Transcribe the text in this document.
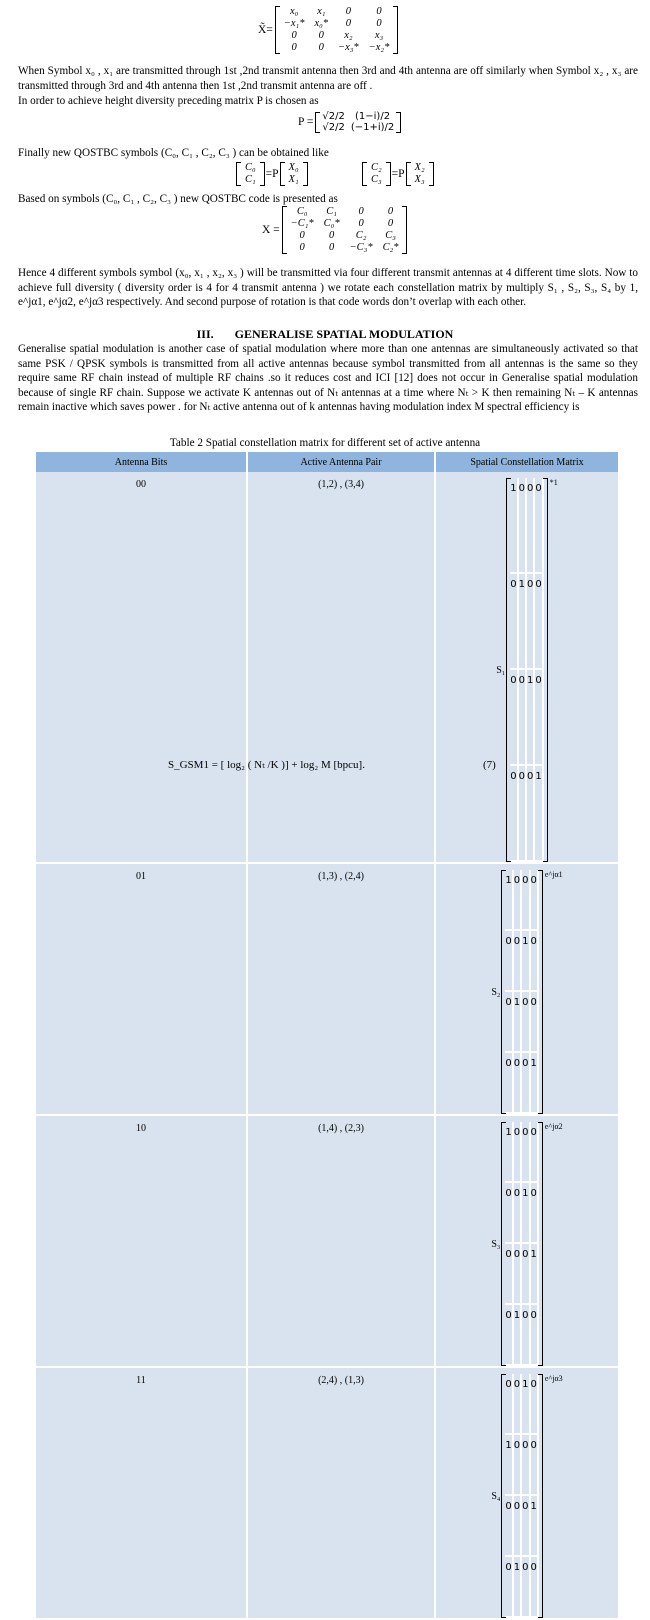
X̃=
x₀	x₁	0	0
−x₁*	x₀*	0	0
0	0	x₂	x₃
0	0	−x₃*	−x₂*
When Symbol x₀ , x₁ are transmitted through 1st ,2nd transmit antenna then 3rd and 4th antenna are off similarly when Symbol x₂ , x₃ are transmitted through 3rd and 4th antenna then 1st ,2nd transmit antenna are off .
In order to achieve height diversity preceding matrix P is chosen as
P = √2/2	(1−i)/2
√2/2	(−1+i)/2
Finally new QOSTBC symbols (C₀, C₁ , C₂, C₃ ) can be obtained like
C₀
C₁ =P
X₀
X₁
C₂
C₃ =P
X₂
X₃
Based on symbols (C₀, C₁ , C₂, C₃ ) new QOSTBC code is presented as
X =
C₀	C₁	0	0
−C₁*	C₀*	0	0
0	0	C₂	C₃
0	0	−C₃*	C₂*
Hence 4 different symbols symbol (x₀, x₁ , x₂, x₃ ) will be transmitted via four different transmit antennas at 4 different time slots. Now to achieve full diversity ( diversity order is 4 for 4 transmit antenna ) we rotate each constellation matrix by multiply S₁ , S₂, S₃, S₄ by 1, e^jα1, e^jα2, e^jα3 respectively. And second purpose of rotation is that code words don’t overlap with each other.
III. GENERALISE SPATIAL MODULATION
Generalise spatial modulation is another case of spatial modulation where more than one antennas are simultaneously activated so that same PSK / QPSK symbols is transmitted from all active antennas because symbol transmitted from all antennas is the same so they require same RF chain instead of multiple RF chains .so it reduces cost and ICI [12] does not occur in Generalise spatial modulation because of single RF chain. Suppose we activate K antennas out of Nₜ antennas at a time where Nₜ > K then remaining Nₜ – K antennas remain inactive which saves power . for Nₜ active antenna out of k antennas having modulation index M spectral efficiency is
Table 2 Spatial constellation matrix for different set of active antenna
Antenna Bits	Active Antenna Pair	Spatial Constellation Matrix
00	(1,2) , (3,4)	
S₁
1	0	0	0
0	1	0	0
0	0	1	0
0	0	0	1
*1

01	(1,3) , (2,4)	
S₂
1	0	0	0
0	0	1	0
0	1	0	0
0	0	0	1
e^jα1

10	(1,4) , (2,3)	
S₃
1	0	0	0
0	0	1	0
0	0	0	1
0	1	0	0
e^jα2

11	(2,4) , (1,3)	
S₄
0	0	1	0
1	0	0	0
0	0	0	1
0	1	0	0
e^jα3
S_GSM1 = [ log₂ ( Nₜ /K )] + log₂ M [bpcu].	(7)
